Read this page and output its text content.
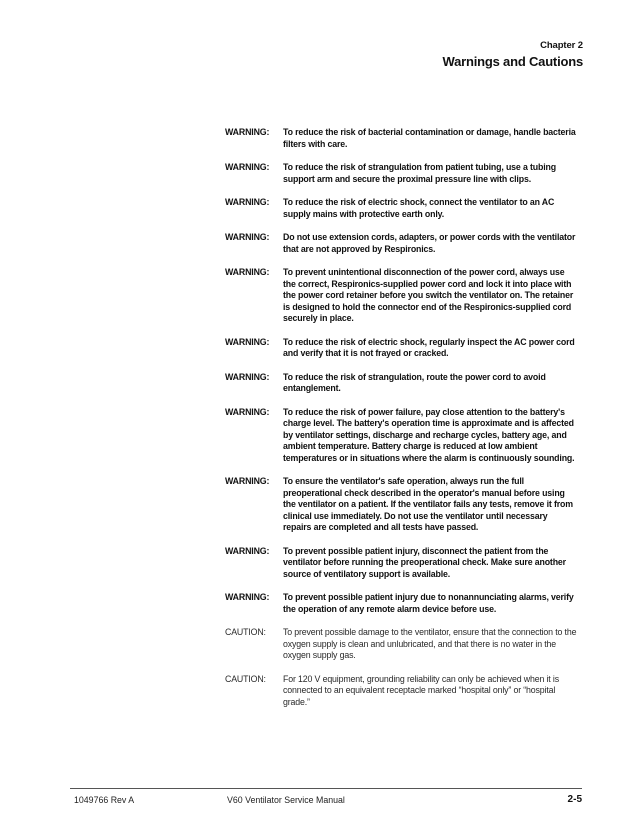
Chapter 2
Warnings and Cautions
WARNING:	To reduce the risk of bacterial contamination or damage, handle bacteria filters with care.
WARNING:	To reduce the risk of strangulation from patient tubing, use a tubing support arm and secure the proximal pressure line with clips.
WARNING:	To reduce the risk of electric shock, connect the ventilator to an AC supply mains with protective earth only.
WARNING:	Do not use extension cords, adapters, or power cords with the ventilator that are not approved by Respironics.
WARNING:	To prevent unintentional disconnection of the power cord, always use the correct, Respironics-supplied power cord and lock it into place with the power cord retainer before you switch the ventilator on. The retainer is designed to hold the connector end of the Respironics-supplied cord securely in place.
WARNING:	To reduce the risk of electric shock, regularly inspect the AC power cord and verify that it is not frayed or cracked.
WARNING:	To reduce the risk of strangulation, route the power cord to avoid entanglement.
WARNING:	To reduce the risk of power failure, pay close attention to the battery's charge level. The battery's operation time is approximate and is affected by ventilator settings, discharge and recharge cycles, battery age, and ambient temperature. Battery charge is reduced at low ambient temperatures or in situations where the alarm is continuously sounding.
WARNING:	To ensure the ventilator's safe operation, always run the full preoperational check described in the operator's manual before using the ventilator on a patient. If the ventilator fails any tests, remove it from clinical use immediately. Do not use the ventilator until necessary repairs are completed and all tests have passed.
WARNING:	To prevent possible patient injury, disconnect the patient from the ventilator before running the preoperational check. Make sure another source of ventilatory support is available.
WARNING:	To prevent possible patient injury due to nonannunciating alarms, verify the operation of any remote alarm device before use.
CAUTION:	To prevent possible damage to the ventilator, ensure that the connection to the oxygen supply is clean and unlubricated, and that there is no water in the oxygen supply gas.
CAUTION:	For 120 V equipment, grounding reliability can only be achieved when it is connected to an equivalent receptacle marked “hospital only” or “hospital grade.”
1049766 Rev A	V60 Ventilator Service Manual	2-5
